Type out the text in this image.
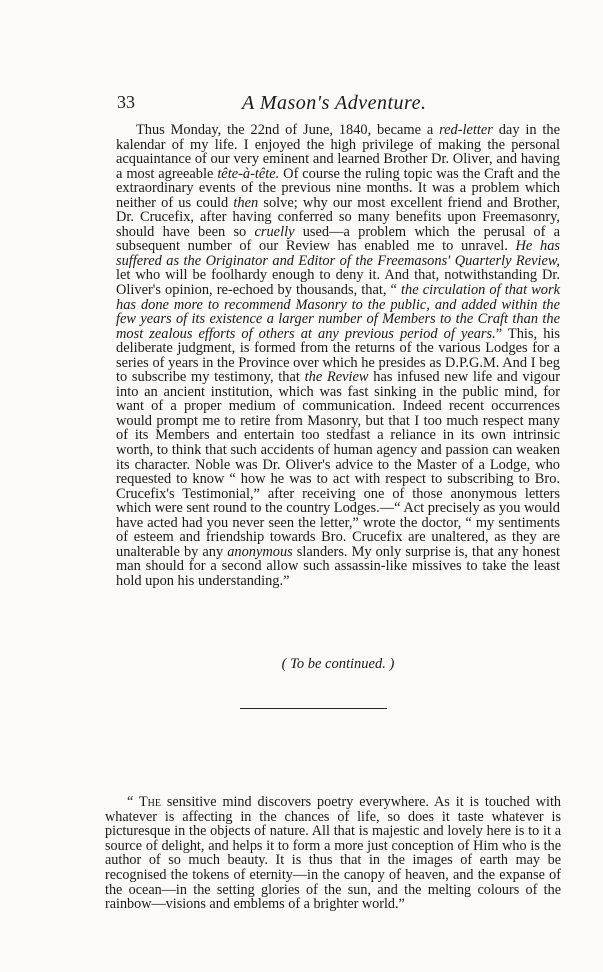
33	A Mason's Adventure.

Thus Monday, the 22nd of June, 1840, became a red-letter day in the kalendar of my life. I enjoyed the high privilege of making the personal acquaintance of our very eminent and learned Brother Dr. Oliver, and having a most agreeable tête-à-tête. Of course the ruling topic was the Craft and the extraordinary events of the previous nine months. It was a problem which neither of us could then solve; why our most excellent friend and Brother, Dr. Crucefix, after having conferred so many benefits upon Freemasonry, should have been so cruelly used—a problem which the perusal of a subsequent number of our Review has enabled me to unravel. He has suffered as the Originator and Editor of the Freemasons' Quarterly Review, let who will be foolhardy enough to deny it. And that, notwithstanding Dr. Oliver's opinion, re-echoed by thousands, that, “ the circulation of that work has done more to recommend Masonry to the public, and added within the few years of its existence a larger number of Members to the Craft than the most zealous efforts of others at any previous period of years.” This, his deliberate judgment, is formed from the returns of the various Lodges for a series of years in the Province over which he presides as D.P.G.M. And I beg to subscribe my testimony, that the Review has infused new life and vigour into an ancient institution, which was fast sinking in the public mind, for want of a proper medium of communication. Indeed recent occurrences would prompt me to retire from Masonry, but that I too much respect many of its Members and entertain too stedfast a reliance in its own intrinsic worth, to think that such accidents of human agency and passion can weaken its character. Noble was Dr. Oliver's advice to the Master of a Lodge, who requested to know “ how he was to act with respect to subscribing to Bro. Crucefix's Testimonial,” after receiving one of those anonymous letters which were sent round to the country Lodges.—“ Act precisely as you would have acted had you never seen the letter,” wrote the doctor, “ my sentiments of esteem and friendship towards Bro. Crucefix are unaltered, as they are unalterable by any anonymous slanders. My only surprise is, that any honest man should for a second allow such assassin-like missives to take the least hold upon his understanding.”

( To be continued. )

“ The sensitive mind discovers poetry everywhere. As it is touched with whatever is affecting in the chances of life, so does it taste whatever is picturesque in the objects of nature. All that is majestic and lovely here is to it a source of delight, and helps it to form a more just conception of Him who is the author of so much beauty. It is thus that in the images of earth may be recognised the tokens of eternity—in the canopy of heaven, and the expanse of the ocean—in the setting glories of the sun, and the melting colours of the rainbow—visions and emblems of a brighter world.”
